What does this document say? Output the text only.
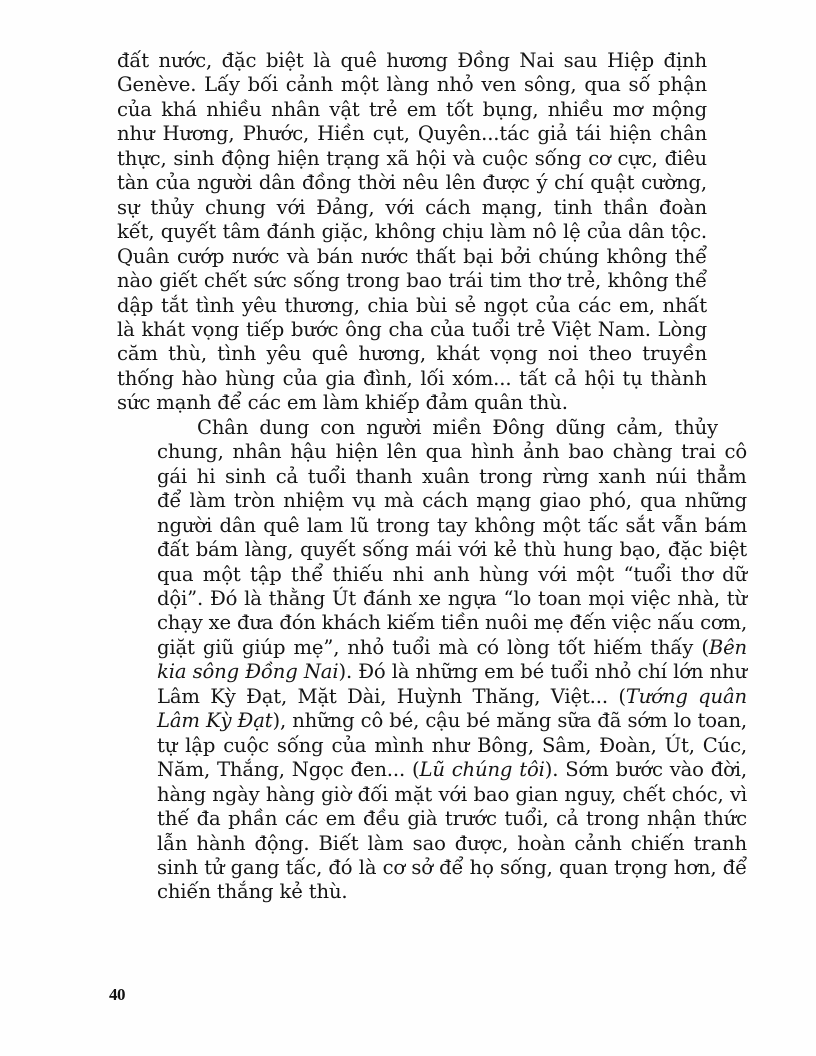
đất nước, đặc biệt là quê hương Đồng Nai sau Hiệp định
Genève. Lấy bối cảnh một làng nhỏ ven sông, qua số phận
của khá nhiều nhân vật trẻ em tốt bụng, nhiều mơ mộng
như Hương, Phước, Hiền cụt, Quyên...tác giả tái hiện chân
thực, sinh động hiện trạng xã hội và cuộc sống cơ cực, điêu
tàn của người dân đồng thời nêu lên được ý chí quật cường,
sự thủy chung với Đảng, với cách mạng, tinh thần đoàn
kết, quyết tâm đánh giặc, không chịu làm nô lệ của dân tộc.
Quân cướp nước và bán nước thất bại bởi chúng không thể
nào giết chết sức sống trong bao trái tim thơ trẻ, không thể
dập tắt tình yêu thương, chia bùi sẻ ngọt của các em, nhất
là khát vọng tiếp bước ông cha của tuổi trẻ Việt Nam. Lòng
căm thù, tình yêu quê hương, khát vọng noi theo truyền
thống hào hùng của gia đình, lối xóm... tất cả hội tụ thành
sức mạnh để các em làm khiếp đảm quân thù.
Chân dung con người miền Đông dũng cảm, thủy
chung, nhân hậu hiện lên qua hình ảnh bao chàng trai cô
gái hi sinh cả tuổi thanh xuân trong rừng xanh núi thẳm
để làm tròn nhiệm vụ mà cách mạng giao phó, qua những
người dân quê lam lũ trong tay không một tấc sắt vẫn bám
đất bám làng, quyết sống mái với kẻ thù hung bạo, đặc biệt
qua một tập thể thiếu nhi anh hùng với một “tuổi thơ dữ
dội”. Đó là thằng Út đánh xe ngựa “lo toan mọi việc nhà, từ
chạy xe đưa đón khách kiếm tiền nuôi mẹ đến việc nấu cơm,
giặt giũ giúp mẹ”, nhỏ tuổi mà có lòng tốt hiếm thấy (Bên
kia sông Đồng Nai). Đó là những em bé tuổi nhỏ chí lớn như
Lâm Kỳ Đạt, Mặt Dài, Huỳnh Thăng, Việt... (Tướng quân
Lâm Kỳ Đạt), những cô bé, cậu bé măng sữa đã sớm lo toan,
tự lập cuộc sống của mình như Bông, Sâm, Đoàn, Út, Cúc,
Năm, Thắng, Ngọc đen... (Lũ chúng tôi). Sớm bước vào đời,
hàng ngày hàng giờ đối mặt với bao gian nguy, chết chóc, vì
thế đa phần các em đều già trước tuổi, cả trong nhận thức
lẫn hành động. Biết làm sao được, hoàn cảnh chiến tranh
sinh tử gang tấc, đó là cơ sở để họ sống, quan trọng hơn, để
chiến thắng kẻ thù.
40
